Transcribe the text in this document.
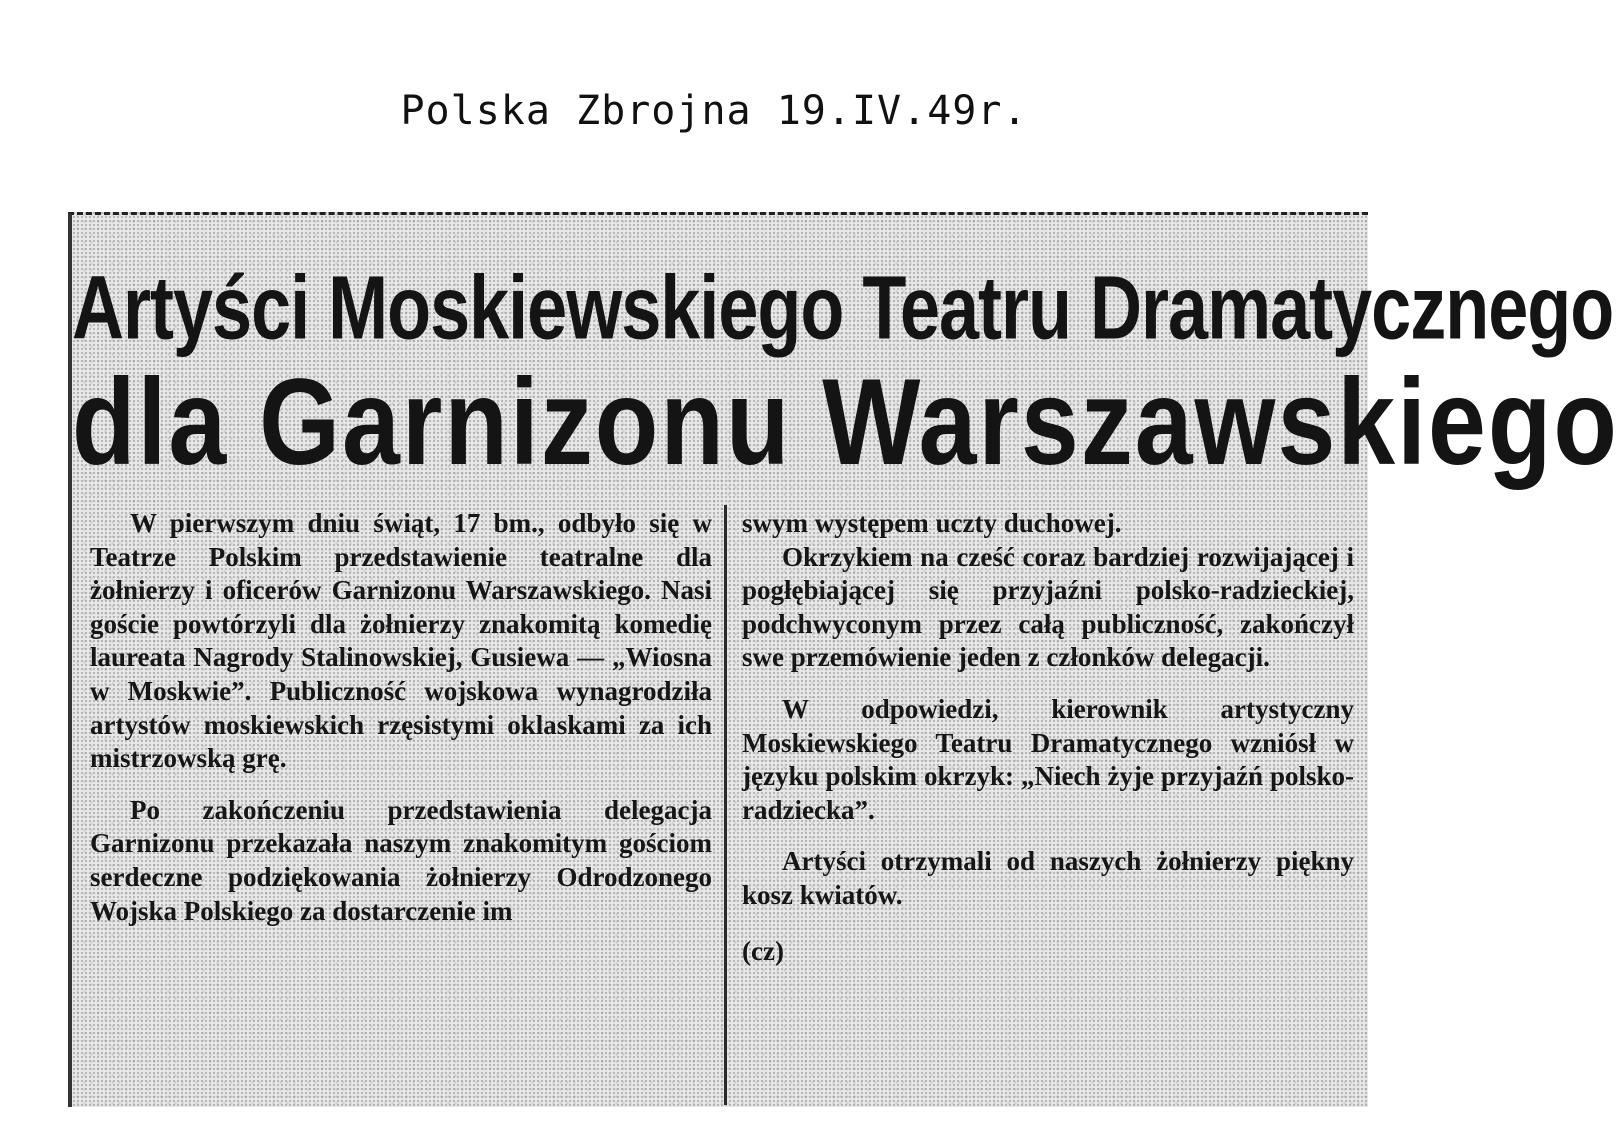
Polska Zbrojna 19.IV.49r.
Artyści Moskiewskiego Teatru Dramatycznego
dla Garnizonu Warszawskiego

W pierwszym dniu świąt, 17 bm., odbyło się w Teatrze Polskim przedstawienie teatralne dla żołnierzy i oficerów Garnizonu Warszawskiego. Nasi goście powtórzyli dla żołnierzy znakomitą komedię laureata Nagrody Stalinowskiej, Gusiewa — „Wiosna w Moskwie”. Publiczność wojskowa wynagrodziła artystów moskiewskich rzęsistymi oklaskami za ich mistrzowską grę.

Po zakończeniu przedstawienia delegacja Garnizonu przekazała naszym znakomitym gościom serdeczne podziękowania żołnierzy Odrodzonego Wojska Polskiego za dostarczenie im

swym występem uczty duchowej.

Okrzykiem na cześć coraz bardziej rozwijającej i pogłębiającej się przyjaźni polsko-radzieckiej, podchwyconym przez całą publiczność, zakończył swe przemówienie jeden z członków delegacji.

W odpowiedzi, kierownik artystyczny Moskiewskiego Teatru Dramatycznego wzniósł w języku polskim okrzyk: „Niech żyje przyjaźń polsko-radziecka”.

Artyści otrzymali od naszych żołnierzy piękny kosz kwiatów.

(cz)
